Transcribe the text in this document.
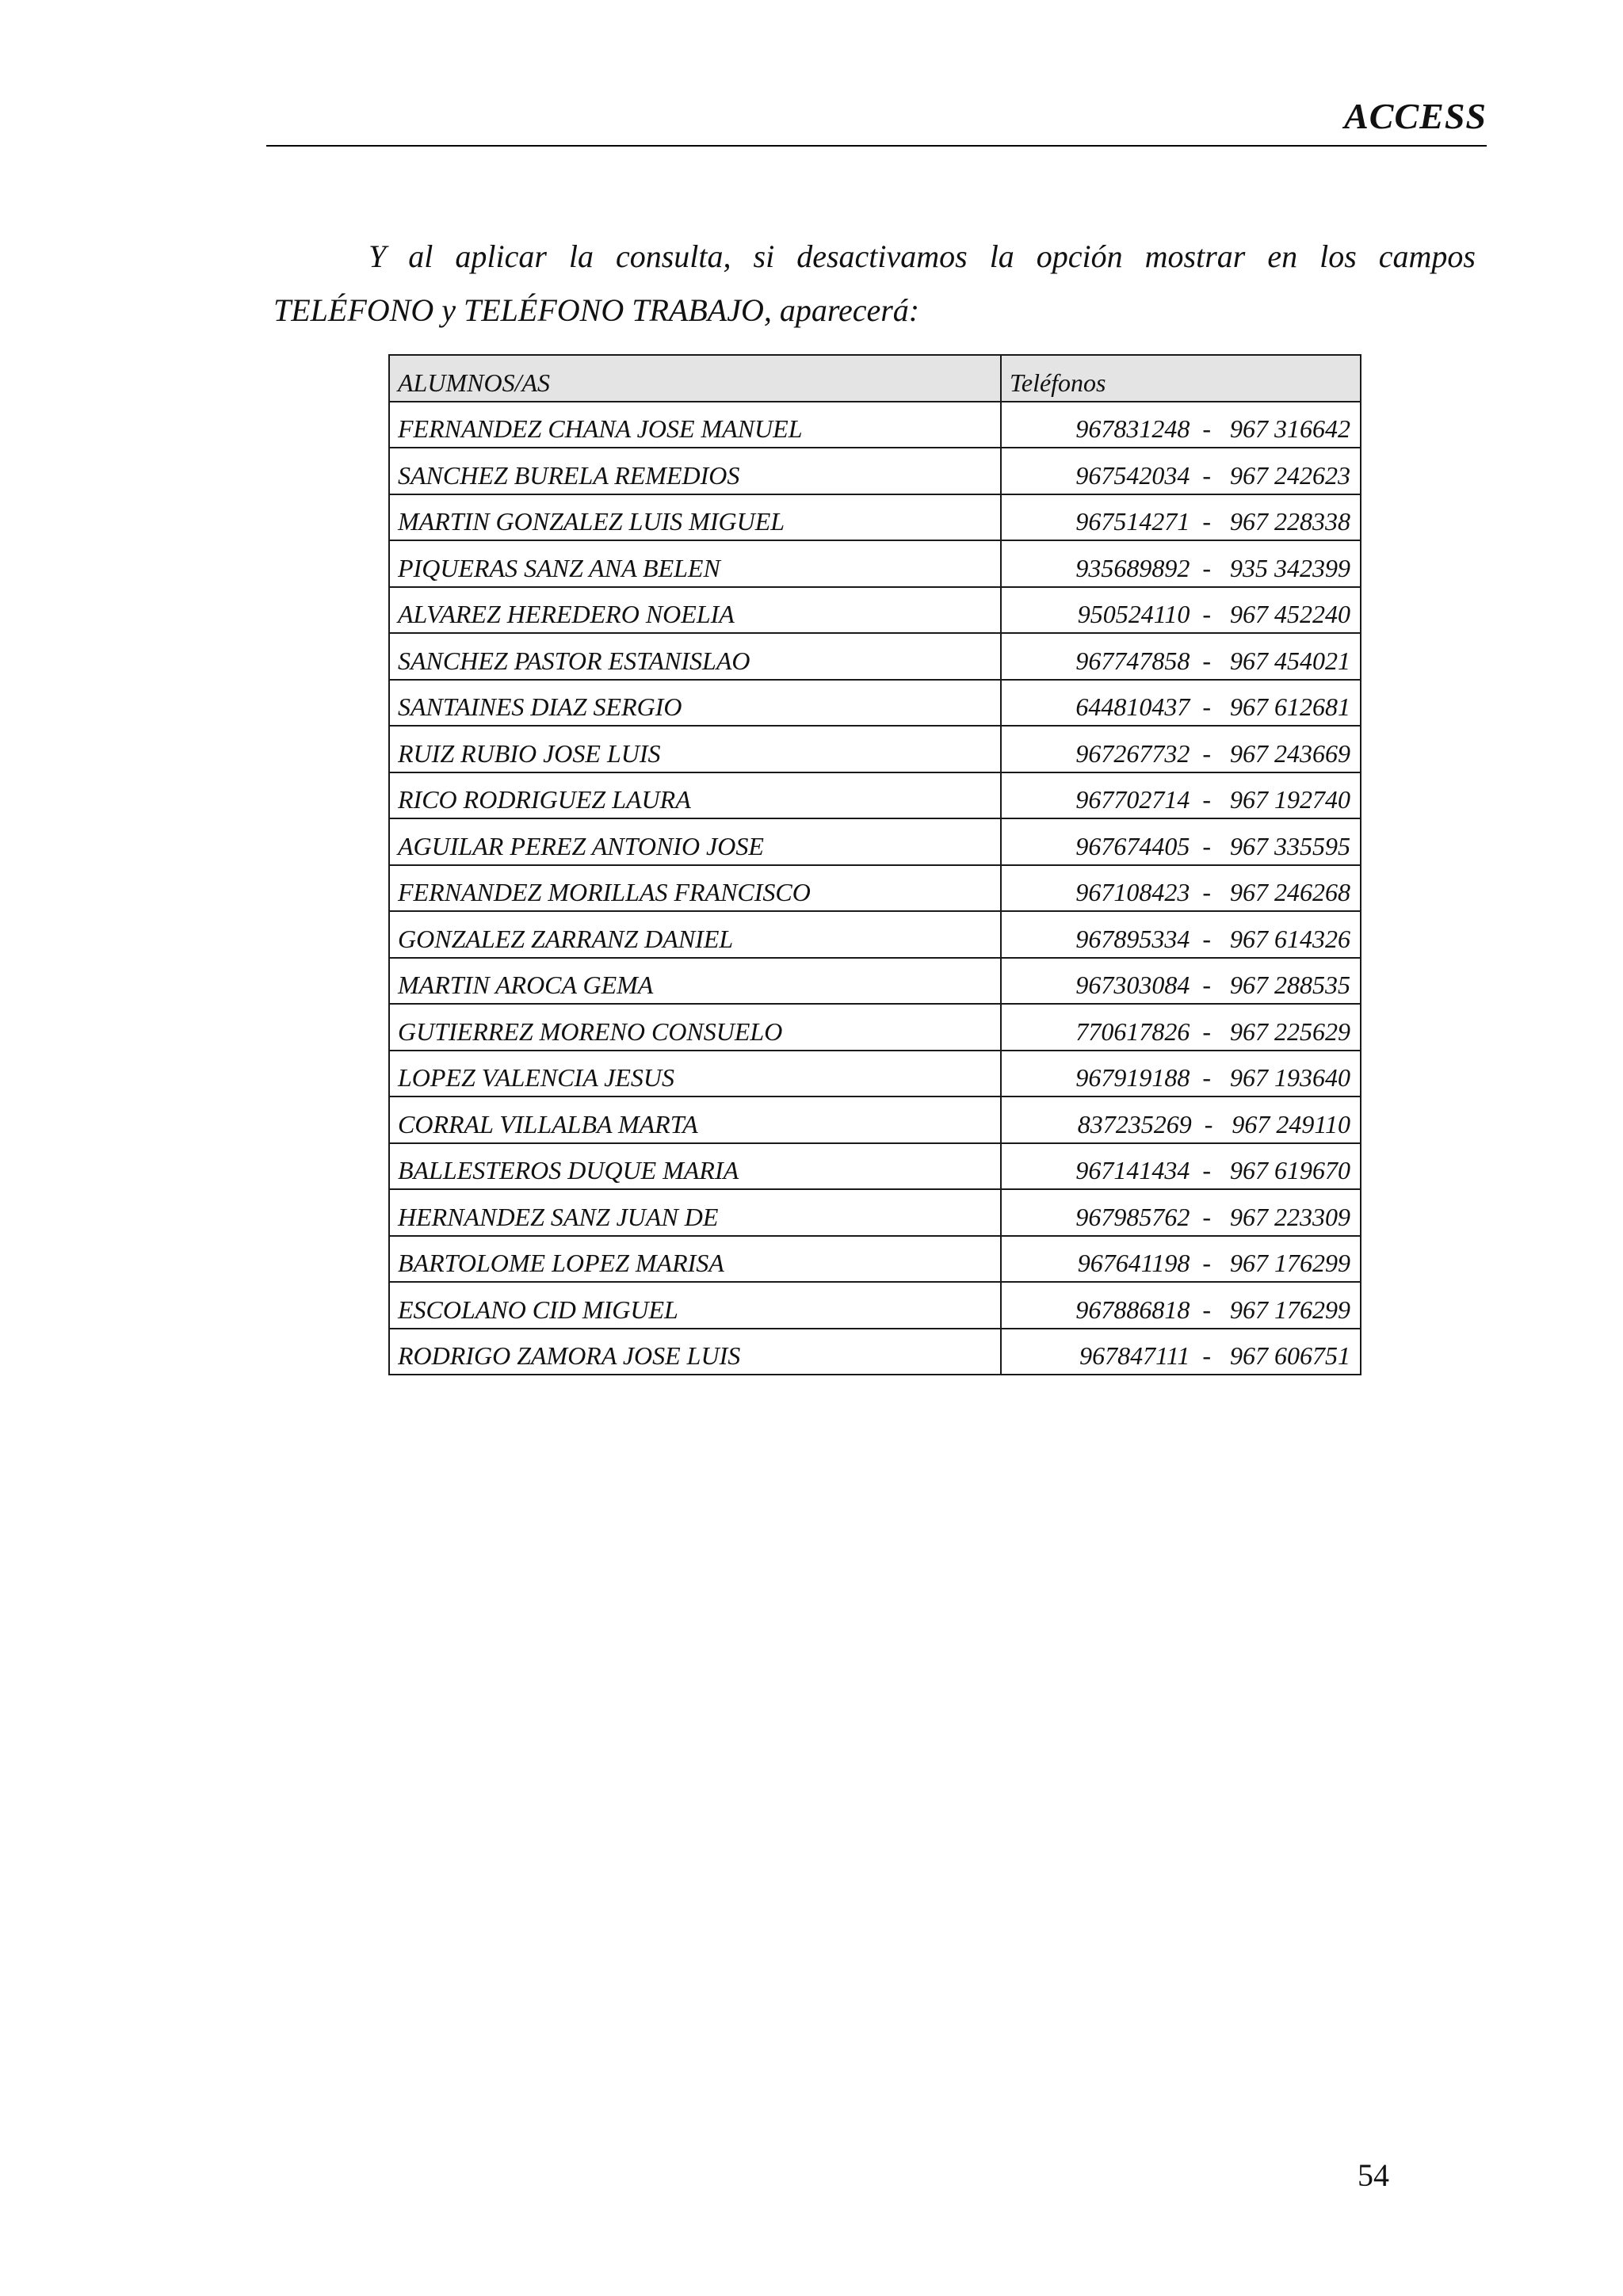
ACCESS
Y al aplicar la consulta, si desactivamos la opción mostrar en los campos
TELÉFONO y TELÉFONO TRABAJO, aparecerá:
ALUMNOS/AS	Teléfonos
FERNANDEZ CHANA JOSE MANUEL	967831248  -   967 316642
SANCHEZ BURELA REMEDIOS	967542034  -   967 242623
MARTIN GONZALEZ LUIS MIGUEL	967514271  -   967 228338
PIQUERAS SANZ ANA BELEN	935689892  -   935 342399
ALVAREZ HEREDERO NOELIA	950524110  -   967 452240
SANCHEZ PASTOR ESTANISLAO	967747858  -   967 454021
SANTAINES DIAZ SERGIO	644810437  -   967 612681
RUIZ RUBIO JOSE LUIS	967267732  -   967 243669
RICO RODRIGUEZ LAURA	967702714  -   967 192740
AGUILAR PEREZ ANTONIO JOSE	967674405  -   967 335595
FERNANDEZ MORILLAS FRANCISCO	967108423  -   967 246268
GONZALEZ ZARRANZ DANIEL	967895334  -   967 614326
MARTIN AROCA GEMA	967303084  -   967 288535
GUTIERREZ MORENO CONSUELO	770617826  -   967 225629
LOPEZ VALENCIA JESUS	967919188  -   967 193640
CORRAL VILLALBA MARTA	837235269  -   967 249110
BALLESTEROS DUQUE MARIA	967141434  -   967 619670
HERNANDEZ SANZ JUAN DE	967985762  -   967 223309
BARTOLOME LOPEZ MARISA	967641198  -   967 176299
ESCOLANO CID MIGUEL	967886818  -   967 176299
RODRIGO ZAMORA JOSE LUIS	967847111  -   967 606751
54
